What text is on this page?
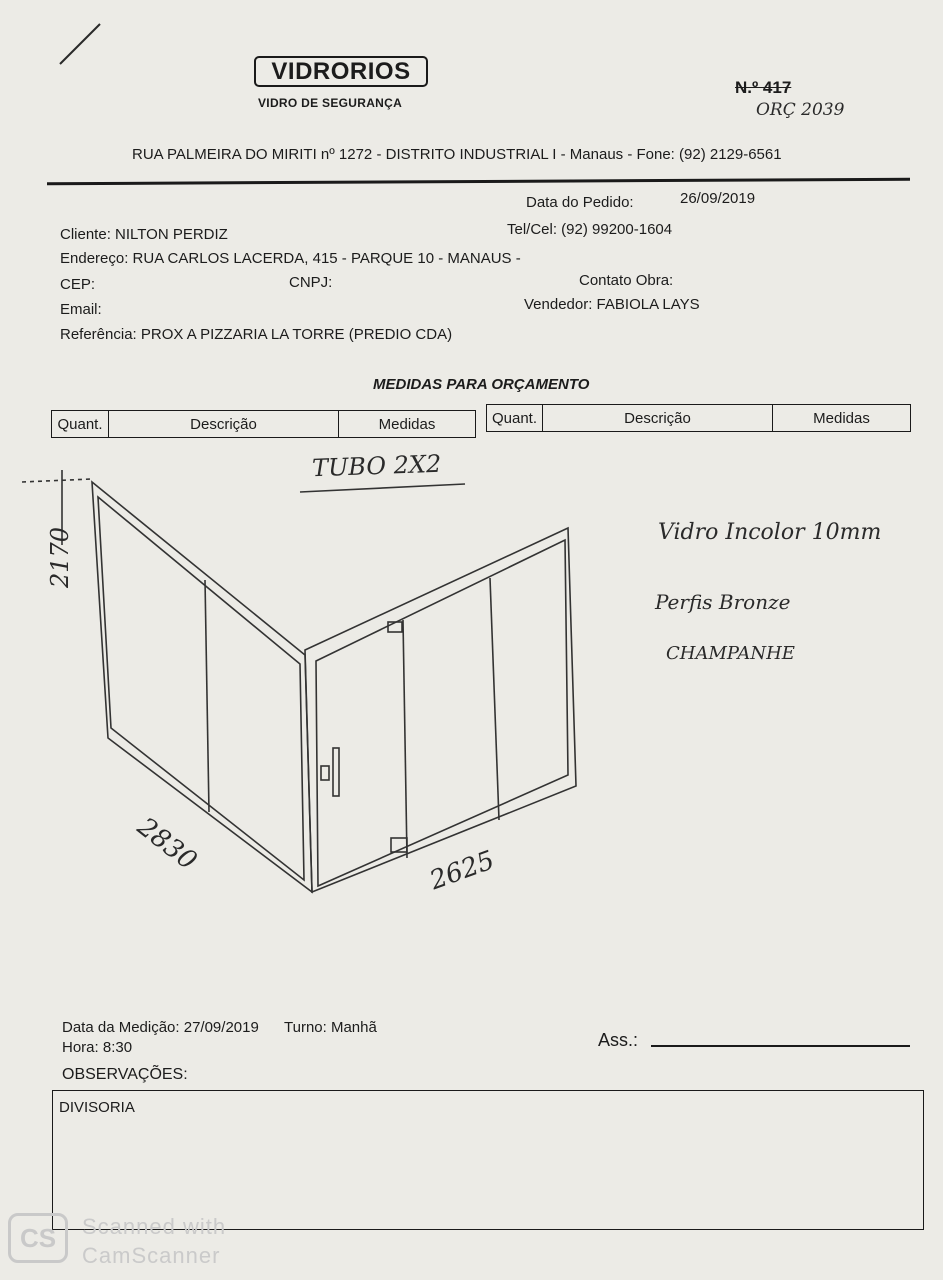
VIDRORIOS
VIDRO DE SEGURANÇA
N.º 417
ORÇ 2039
RUA PALMEIRA DO MIRITI nº 1272 - DISTRITO INDUSTRIAL I - Manaus - Fone: (92) 2129-6561
Data do Pedido:	26/09/2019
Cliente: NILTON PERDIZ	Tel/Cel: (92) 99200-1604
Endereço: RUA CARLOS LACERDA, 415 - PARQUE 10 - MANAUS -
CEP:	CNPJ:	Contato Obra:
Email:	Vendedor: FABIOLA LAYS
Referência: PROX A PIZZARIA LA TORRE (PREDIO CDA)
MEDIDAS PARA ORÇAMENTO
Quant.	Descrição	Medidas	Quant.	Descrição	Medidas
TUBO 2X2
2170
2830	2625
Vidro Incolor 10mm
Perfis Bronze
CHAMPANHE
Data da Medição: 27/09/2019 Turno: Manhã
Hora: 8:30	Ass.:
OBSERVAÇÕES:
DIVISORIA
CS	Scanned with
CamScanner
